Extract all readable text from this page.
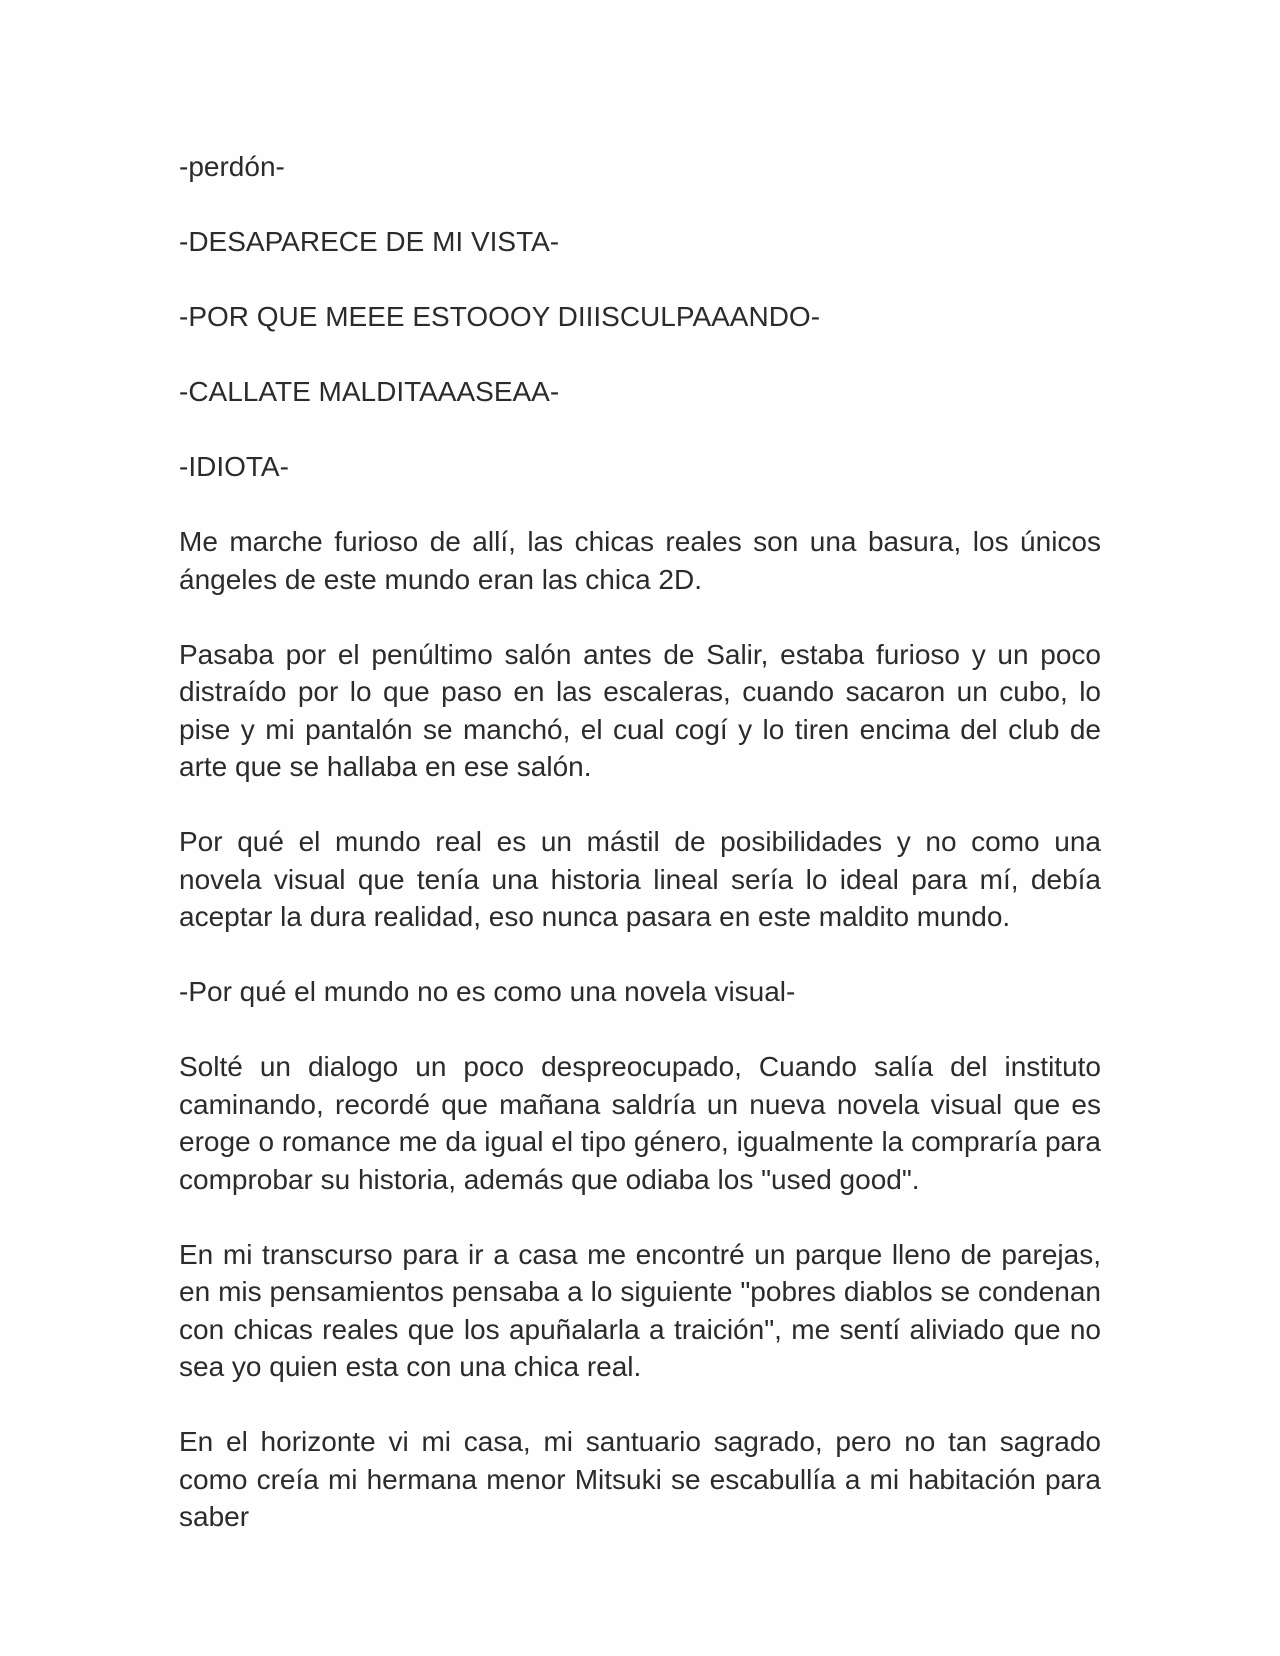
-perdón-

-DESAPARECE DE MI VISTA-

-POR QUE MEEE ESTOOOY DIIISCULPAAANDO-

-CALLATE MALDITAAASEAA-

-IDIOTA-

Me marche furioso de allí, las chicas reales son una basura, los únicos ángeles de este mundo eran las chica 2D.

Pasaba por el penúltimo salón antes de Salir, estaba furioso y un poco distraído por lo que paso en las escaleras, cuando sacaron un cubo, lo pise y mi pantalón se manchó, el cual cogí y lo tiren encima del club de arte que se hallaba en ese salón.

Por qué el mundo real es un mástil de posibilidades y no como una novela visual que tenía una historia lineal sería lo ideal para mí, debía aceptar la dura realidad, eso nunca pasara en este maldito mundo.

-Por qué el mundo no es como una novela visual-

Solté un dialogo un poco despreocupado, Cuando salía del instituto caminando, recordé que mañana saldría un nueva novela visual que es eroge o romance me da igual el tipo género, igualmente la compraría para comprobar su historia, además que odiaba los "used good".

En mi transcurso para ir a casa me encontré un parque lleno de parejas, en mis pensamientos pensaba a lo siguiente "pobres diablos se condenan con chicas reales que los apuñalarla a traición", me sentí aliviado que no sea yo quien esta con una chica real.

En el horizonte vi mi casa, mi santuario sagrado, pero no tan sagrado como creía mi hermana menor Mitsuki se escabullía a mi habitación para saber
